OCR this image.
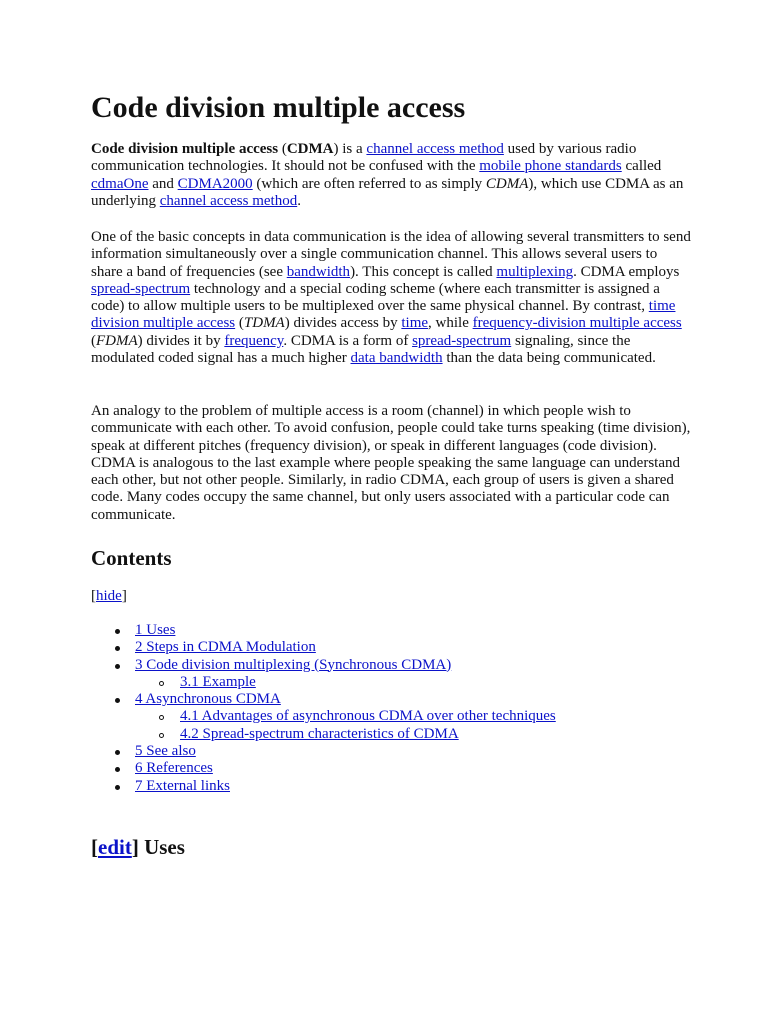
Code division multiple access

Code division multiple access (CDMA) is a channel access method used by various radio communication technologies. It should not be confused with the mobile phone standards called cdmaOne and CDMA2000 (which are often referred to as simply CDMA), which use CDMA as an underlying channel access method.

One of the basic concepts in data communication is the idea of allowing several transmitters to send information simultaneously over a single communication channel. This allows several users to share a band of frequencies (see bandwidth). This concept is called multiplexing. CDMA employs spread-spectrum technology and a special coding scheme (where each transmitter is assigned a code) to allow multiple users to be multiplexed over the same physical channel. By contrast, time division multiple access (TDMA) divides access by time, while frequency-division multiple access (FDMA) divides it by frequency. CDMA is a form of spread-spectrum signaling, since the modulated coded signal has a much higher data bandwidth than the data being communicated.

An analogy to the problem of multiple access is a room (channel) in which people wish to communicate with each other. To avoid confusion, people could take turns speaking (time division), speak at different pitches (frequency division), or speak in different languages (code division). CDMA is analogous to the last example where people speaking the same language can understand each other, but not other people. Similarly, in radio CDMA, each group of users is given a shared code. Many codes occupy the same channel, but only users associated with a particular code can communicate.

Contents
[hide]
1 Uses
2 Steps in CDMA Modulation
3 Code division multiplexing (Synchronous CDMA)
3.1 Example
4 Asynchronous CDMA
4.1 Advantages of asynchronous CDMA over other techniques
4.2 Spread-spectrum characteristics of CDMA
5 See also
6 References
7 External links
[edit] Uses
